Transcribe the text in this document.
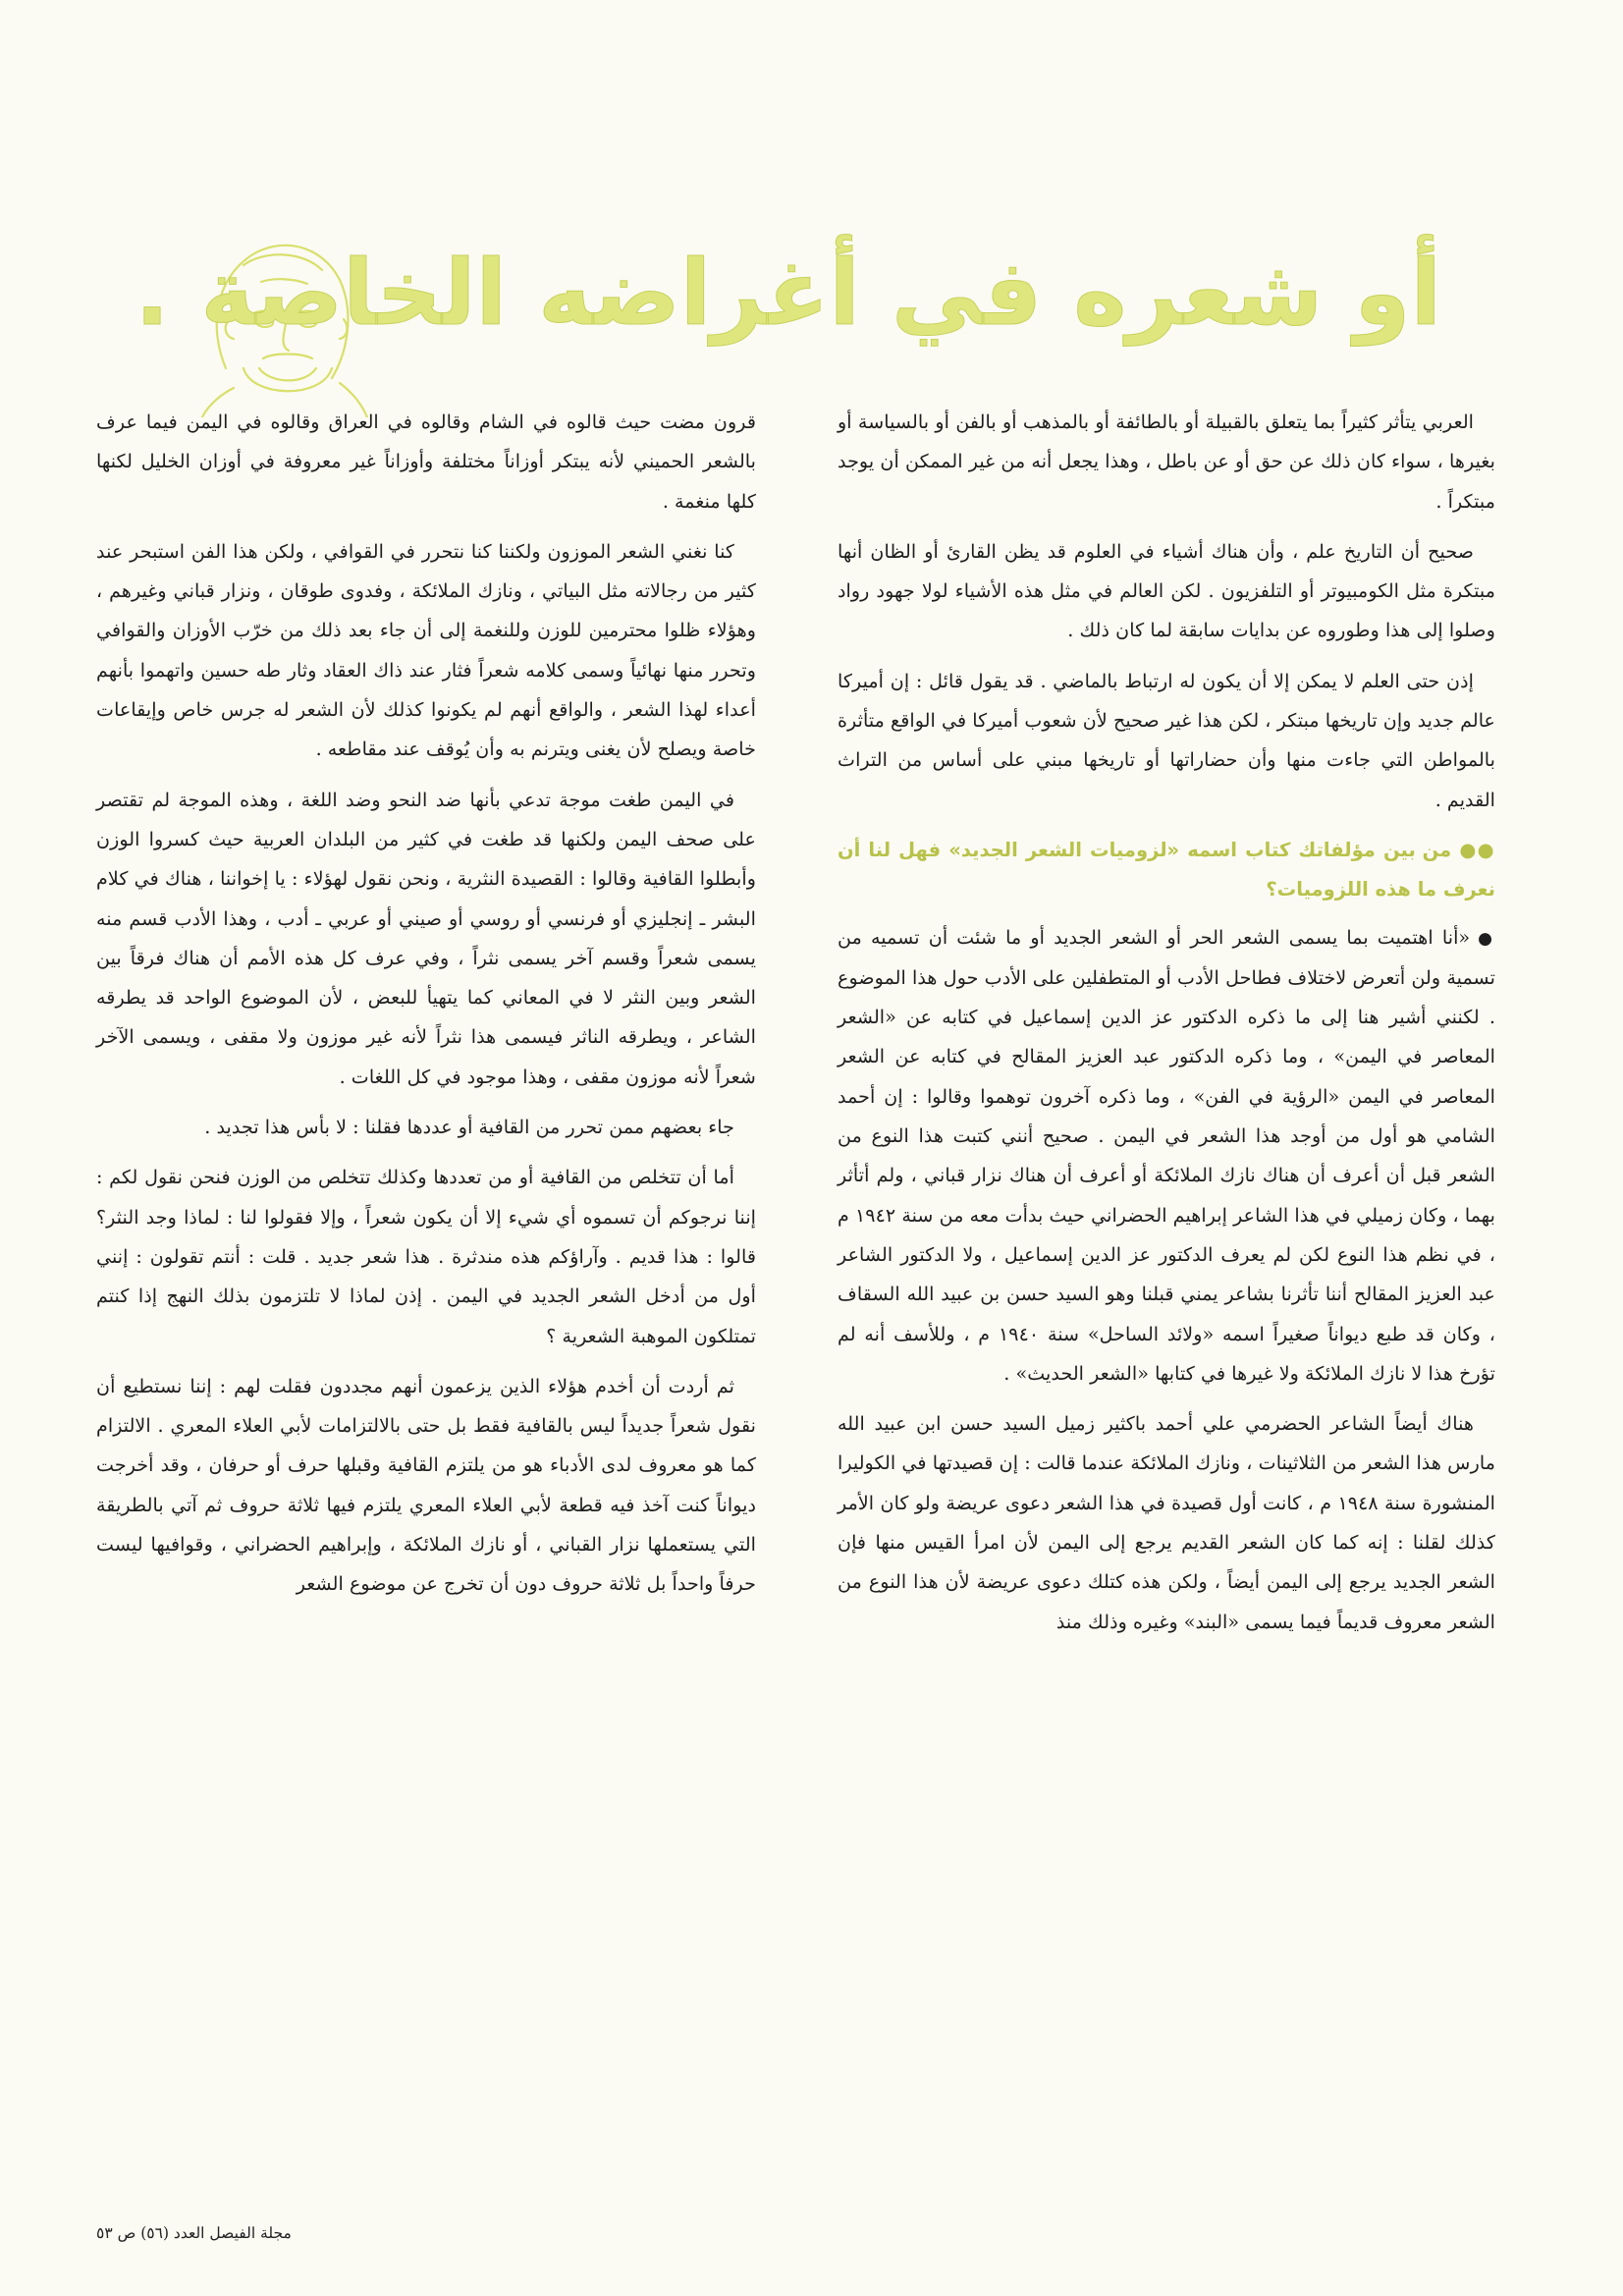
أو شعره في أغراضه الخاصة .

العربي يتأثر كثيراً بما يتعلق بالقبيلة أو بالطائفة أو بالمذهب أو بالفن أو بالسياسة أو بغيرها ، سواء كان ذلك عن حق أو عن باطل ، وهذا يجعل أنه من غير الممكن أن يوجد مبتكراً .

صحيح أن التاريخ علم ، وأن هناك أشياء في العلوم قد يظن القارئ أو الظان أنها مبتكرة مثل الكومبيوتر أو التلفزيون . لكن العالم في مثل هذه الأشياء لولا جهود رواد وصلوا إلى هذا وطوروه عن بدايات سابقة لما كان ذلك .

إذن حتى العلم لا يمكن إلا أن يكون له ارتباط بالماضي . قد يقول قائل : إن أميركا عالم جديد وإن تاريخها مبتكر ، لكن هذا غير صحيح لأن شعوب أميركا في الواقع متأثرة بالمواطن التي جاءت منها وأن حضاراتها أو تاريخها مبني على أساس من التراث القديم .

●● من بين مؤلفاتك كتاب اسمه «لزوميات الشعر الجديد» فهل لنا أن نعرف ما هذه اللزوميات؟

●«أنا اهتميت بما يسمى الشعر الحر أو الشعر الجديد أو ما شئت أن تسميه من تسمية ولن أتعرض لاختلاف فطاحل الأدب أو المتطفلين على الأدب حول هذا الموضوع . لكنني أشير هنا إلى ما ذكره الدكتور عز الدين إسماعيل في كتابه عن «الشعر المعاصر في اليمن» ، وما ذكره الدكتور عبد العزيز المقالح في كتابه عن الشعر المعاصر في اليمن «الرؤية في الفن» ، وما ذكره آخرون توهموا وقالوا : إن أحمد الشامي هو أول من أوجد هذا الشعر في اليمن . صحيح أنني كتبت هذا النوع من الشعر قبل أن أعرف أن هناك نازك الملائكة أو أعرف أن هناك نزار قباني ، ولم أتأثر بهما ، وكان زميلي في هذا الشاعر إبراهيم الحضراني حيث بدأت معه من سنة ١٩٤٢ م ، في نظم هذا النوع لكن لم يعرف الدكتور عز الدين إسماعيل ، ولا الدكتور الشاعر عبد العزيز المقالح أننا تأثرنا بشاعر يمني قبلنا وهو السيد حسن بن عبيد الله السقاف ، وكان قد طبع ديواناً صغيراً اسمه «ولائد الساحل» سنة ١٩٤٠ م ، وللأسف أنه لم تؤرخ هذا لا نازك الملائكة ولا غيرها في كتابها «الشعر الحديث» .

هناك أيضاً الشاعر الحضرمي علي أحمد باكثير زميل السيد حسن ابن عبيد الله مارس هذا الشعر من الثلاثينات ، ونازك الملائكة عندما قالت : إن قصيدتها في الكوليرا المنشورة سنة ١٩٤٨ م ، كانت أول قصيدة في هذا الشعر دعوى عريضة ولو كان الأمر كذلك لقلنا : إنه كما كان الشعر القديم يرجع إلى اليمن لأن امرأ القيس منها فإن الشعر الجديد يرجع إلى اليمن أيضاً ، ولكن هذه كتلك دعوى عريضة لأن هذا النوع من الشعر معروف قديماً فيما يسمى «البند» وغيره وذلك منذ

قرون مضت حيث قالوه في الشام وقالوه في العراق وقالوه في اليمن فيما عرف بالشعر الحميني لأنه يبتكر أوزاناً مختلفة وأوزاناً غير معروفة في أوزان الخليل لكنها كلها منغمة .

كنا نغني الشعر الموزون ولكننا كنا نتحرر في القوافي ، ولكن هذا الفن استبحر عند كثير من رجالاته مثل البياتي ، ونازك الملائكة ، وفدوى طوقان ، ونزار قباني وغيرهم ، وهؤلاء ظلوا محترمين للوزن وللنغمة إلى أن جاء بعد ذلك من خرّب الأوزان والقوافي وتحرر منها نهائياً وسمى كلامه شعراً فثار عند ذاك العقاد وثار طه حسين واتهموا بأنهم أعداء لهذا الشعر ، والواقع أنهم لم يكونوا كذلك لأن الشعر له جرس خاص وإيقاعات خاصة ويصلح لأن يغنى ويترنم به وأن يُوقف عند مقاطعه .

في اليمن طغت موجة تدعي بأنها ضد النحو وضد اللغة ، وهذه الموجة لم تقتصر على صحف اليمن ولكنها قد طغت في كثير من البلدان العربية حيث كسروا الوزن وأبطلوا القافية وقالوا : القصيدة النثرية ، ونحن نقول لهؤلاء : يا إخواننا ، هناك في كلام البشر ـ إنجليزي أو فرنسي أو روسي أو صيني أو عربي ـ أدب ، وهذا الأدب قسم منه يسمى شعراً وقسم آخر يسمى نثراً ، وفي عرف كل هذه الأمم أن هناك فرقاً بين الشعر وبين النثر لا في المعاني كما يتهيأ للبعض ، لأن الموضوع الواحد قد يطرقه الشاعر ، ويطرقه الناثر فيسمى هذا نثراً لأنه غير موزون ولا مقفى ، ويسمى الآخر شعراً لأنه موزون مقفى ، وهذا موجود في كل اللغات .

جاء بعضهم ممن تحرر من القافية أو عددها فقلنا : لا بأس هذا تجديد .

أما أن تتخلص من القافية أو من تعددها وكذلك تتخلص من الوزن فنحن نقول لكم : إننا نرجوكم أن تسموه أي شيء إلا أن يكون شعراً ، وإلا فقولوا لنا : لماذا وجد النثر؟ قالوا : هذا قديم . وآراؤكم هذه مندثرة . هذا شعر جديد . قلت : أنتم تقولون : إنني أول من أدخل الشعر الجديد في اليمن . إذن لماذا لا تلتزمون بذلك النهج إذا كنتم تمتلكون الموهبة الشعرية ؟

ثم أردت أن أخدم هؤلاء الذين يزعمون أنهم مجددون فقلت لهم : إننا نستطيع أن نقول شعراً جديداً ليس بالقافية فقط بل حتى بالالتزامات لأبي العلاء المعري . الالتزام كما هو معروف لدى الأدباء هو من يلتزم القافية وقبلها حرف أو حرفان ، وقد أخرجت ديواناً كنت آخذ فيه قطعة لأبي العلاء المعري يلتزم فيها ثلاثة حروف ثم آتي بالطريقة التي يستعملها نزار القباني ، أو نازك الملائكة ، وإبراهيم الحضراني ، وقوافيها ليست حرفاً واحداً بل ثلاثة حروف دون أن تخرج عن موضوع الشعر

مجلة الفيصل العدد (٥٦) ص ٥٣
